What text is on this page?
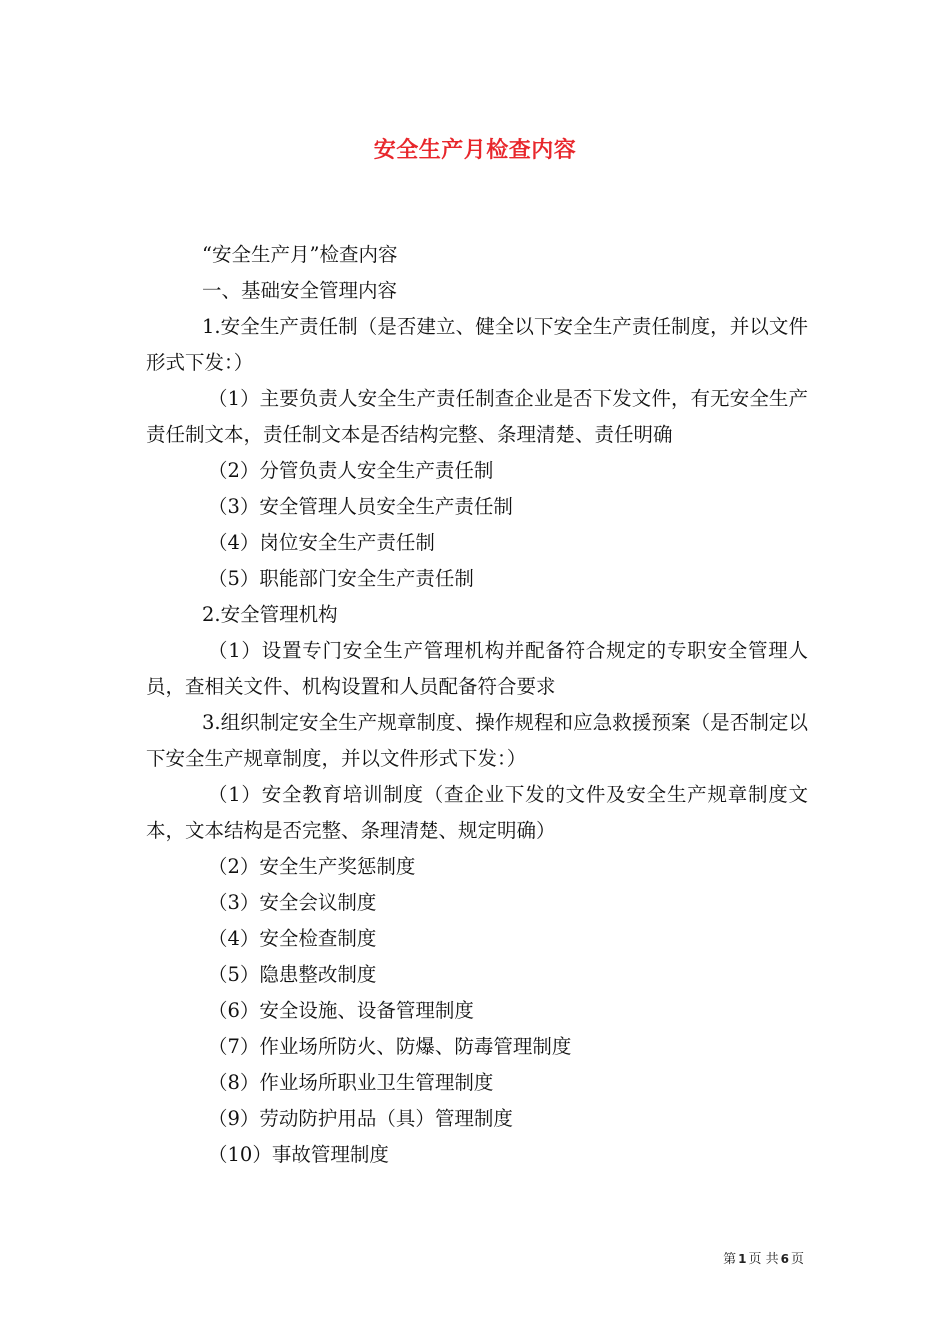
安全生产月检查内容

“安全生产月”检查内容

一、基础安全管理内容

1.安全生产责任制（是否建立、健全以下安全生产责任制度，并以文件形式下发：）

（1）主要负责人安全生产责任制查企业是否下发文件，有无安全生产责任制文本，责任制文本是否结构完整、条理清楚、责任明确

（2）分管负责人安全生产责任制

（3）安全管理人员安全生产责任制

（4）岗位安全生产责任制

（5）职能部门安全生产责任制

2.安全管理机构

（1）设置专门安全生产管理机构并配备符合规定的专职安全管理人员，查相关文件、机构设置和人员配备符合要求

3.组织制定安全生产规章制度、操作规程和应急救援预案（是否制定以下安全生产规章制度，并以文件形式下发：）

（1）安全教育培训制度（查企业下发的文件及安全生产规章制度文本，文本结构是否完整、条理清楚、规定明确）

（2）安全生产奖惩制度

（3）安全会议制度

（4）安全检查制度

（5）隐患整改制度

（6）安全设施、设备管理制度

（7）作业场所防火、防爆、防毒管理制度

（8）作业场所职业卫生管理制度

（9）劳动防护用品（具）管理制度

（10）事故管理制度

第 1 页 共 6 页
